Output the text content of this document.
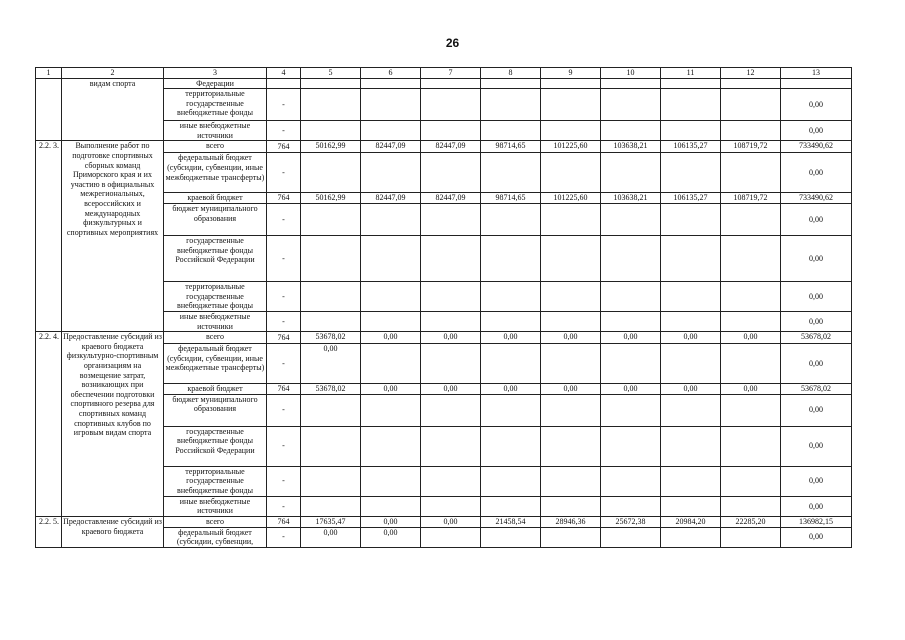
26
1	2	3	4	5	6	7	8	9	10	11	12	13
	видам спорта	Федерации										
		территориальные государственные внебюджетные фонды	-									0,00
		иные внебюджетные источники	-									0,00
2.2. 3.	Выполнение работ по подготовке спортивных сборных команд Приморского края и их участию в официальных межрегиональных, всероссийских и международных физкультурных и спортивных мероприятиях	всего	764	50162,99	82447,09	82447,09	98714,65	101225,60	103638,21	106135,27	108719,72	733490,62
		федеральный бюджет (субсидии, субвенции, иные межбюджетные трансферты)	-									0,00
		краевой бюджет	764	50162,99	82447,09	82447,09	98714,65	101225,60	103638,21	106135,27	108719,72	733490,62
		бюджет муниципального образования	-									0,00
		государственные внебюджетные фонды Российской Федерации	-									0,00
		территориальные государственные внебюджетные фонды	-									0,00
		иные внебюджетные источники	-									0,00
2.2. 4.	Предоставление субсидий из краевого бюджета физкультурно-спортивным организациям на возмещение затрат, возникающих при обеспечении подготовки спортивного резерва для спортивных команд спортивных клубов по игровым видам спорта	всего	764	53678,02	0,00	0,00	0,00	0,00	0,00	0,00	0,00	53678,02
		федеральный бюджет (субсидии, субвенции, иные межбюджетные трансферты)	-	0,00								0,00
		краевой бюджет	764	53678,02	0,00	0,00	0,00	0,00	0,00	0,00	0,00	53678,02
		бюджет муниципального образования	-									0,00
		государственные внебюджетные фонды Российской Федерации	-									0,00
		территориальные государственные внебюджетные фонды	-									0,00
		иные внебюджетные источники	-									0,00
2.2. 5.	Предоставление субсидий из краевого бюджета	всего	764	17635,47	0,00	0,00	21458,54	28946,36	25672,38	20984,20	22285,20	136982,15
		федеральный бюджет (субсидии, субвенции,	-	0,00	0,00							0,00
